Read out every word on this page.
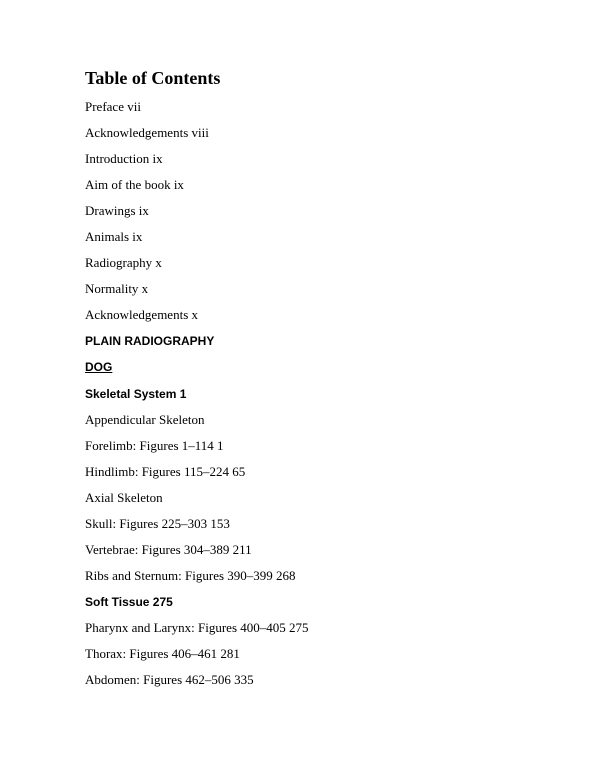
Table of Contents
Preface vii
Acknowledgements viii
Introduction ix
Aim of the book ix
Drawings ix
Animals ix
Radiography x
Normality x
Acknowledgements x
PLAIN RADIOGRAPHY
DOG
Skeletal System 1
Appendicular Skeleton
Forelimb: Figures 1–114 1
Hindlimb: Figures 115–224 65
Axial Skeleton
Skull: Figures 225–303 153
Vertebrae: Figures 304–389 211
Ribs and Sternum: Figures 390–399 268
Soft Tissue 275
Pharynx and Larynx: Figures 400–405 275
Thorax: Figures 406–461 281
Abdomen: Figures 462–506 335
